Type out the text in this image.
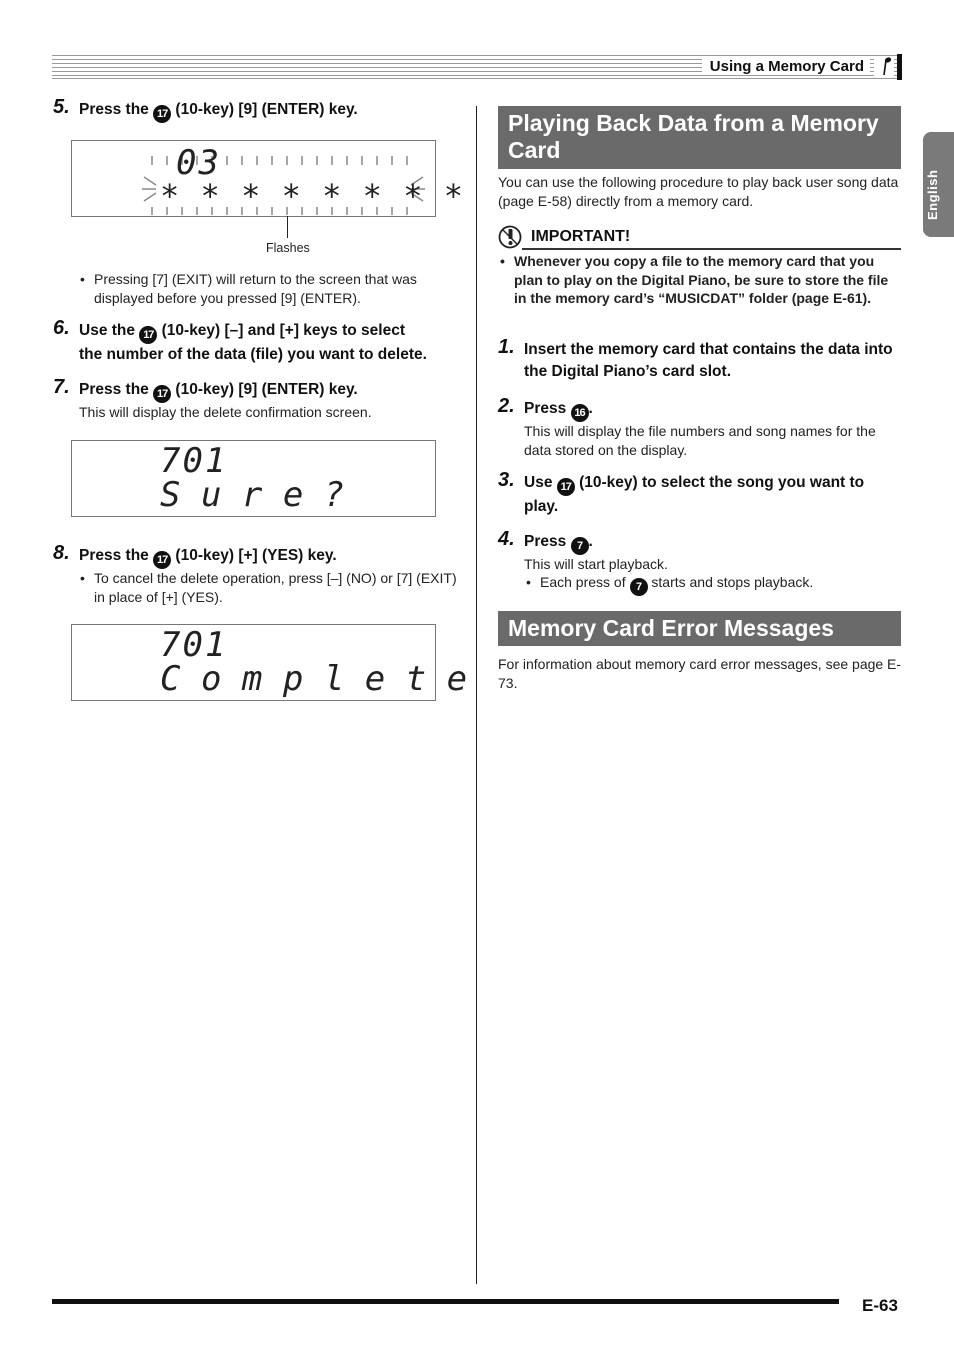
Using a Memory Card
English
5. Press the 17 (10-key) [9] (ENTER) key.
03
* * * * * * * *
Flashes
• Pressing [7] (EXIT) will return to the screen that was displayed before you pressed [9] (ENTER).
6. Use the 17 (10-key) [–] and [+] keys to select
the number of the data (file) you want to delete.
7. Press the 17 (10-key) [9] (ENTER) key.
This will display the delete confirmation screen.
701
S u r e ?
8. Press the 17 (10-key) [+] (YES) key.
• To cancel the delete operation, press [–] (NO) or [7] (EXIT) in place of [+] (YES).
701
C o m p l e t e
Playing Back Data from a Memory Card
You can use the following procedure to play back user song data (page E-58) directly from a memory card.
IMPORTANT!
• Whenever you copy a file to the memory card that you plan to play on the Digital Piano, be sure to store the file in the memory card’s “MUSICDAT” folder (page E-61).
1. Insert the memory card that contains the data into the Digital Piano’s card slot.
2. Press 16 .
This will display the file numbers and song names for the data stored on the display.
3. Use 17 (10-key) to select the song you want to play.
4. Press 7 .
This will start playback.
• Each press of 7 starts and stops playback.
Memory Card Error Messages
For information about memory card error messages, see page E-73.
E-63
